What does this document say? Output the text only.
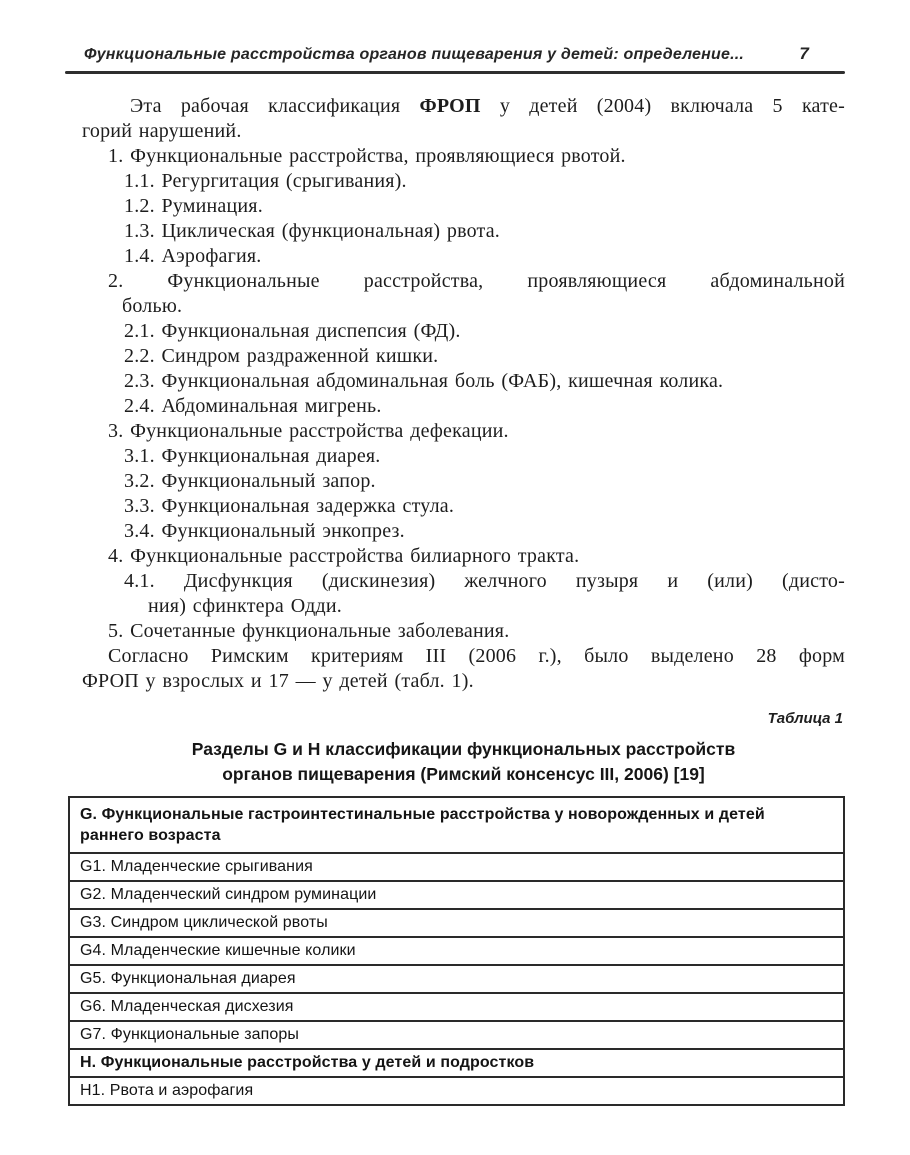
Функциональные расстройства органов пищеварения у детей: определение...	7
Эта рабочая классификация ФРОП у детей (2004) включала 5 кате-
горий нарушений.
1. Функциональные расстройства, проявляющиеся рвотой.
1.1. Регургитация (срыгивания).
1.2. Руминация.
1.3. Циклическая (функциональная) рвота.
1.4. Аэрофагия.
2. Функциональные расстройства, проявляющиеся абдоминальной
болью.
2.1. Функциональная диспепсия (ФД).
2.2. Синдром раздраженной кишки.
2.3. Функциональная абдоминальная боль (ФАБ), кишечная колика.
2.4. Абдоминальная мигрень.
3. Функциональные расстройства дефекации.
3.1. Функциональная диарея.
3.2. Функциональный запор.
3.3. Функциональная задержка стула.
3.4. Функциональный энкопрез.
4. Функциональные расстройства билиарного тракта.
4.1. Дисфункция (дискинезия) желчного пузыря и (или) (дисто-
ния) сфинктера Одди.
5. Сочетанные функциональные заболевания.
Согласно Римским критериям III (2006 г.), было выделено 28 форм
ФРОП у взрослых и 17 — у детей (табл. 1).
Таблица 1
Разделы G и Н классификации функциональных расстройств
органов пищеварения (Римский консенсус III, 2006) [19]
G. Функциональные гастроинтестинальные расстройства у новорожденных и детей
раннего возраста

G1. Младенческие срыгивания
G2. Младенческий синдром руминации
G3. Синдром циклической рвоты
G4. Младенческие кишечные колики
G5. Функциональная диарея
G6. Младенческая дисхезия
G7. Функциональные запоры
Н. Функциональные расстройства у детей и подростков
Н1. Рвота и аэрофагия
